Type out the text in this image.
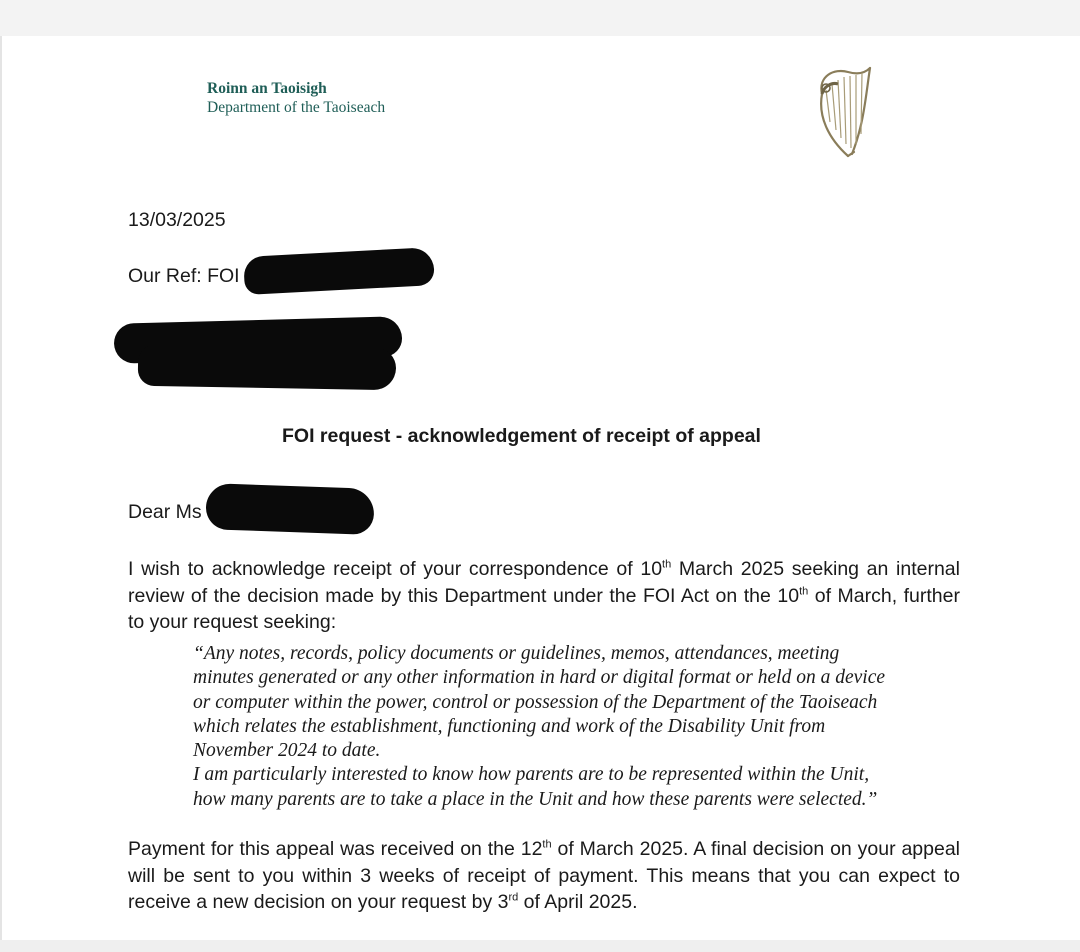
Roinn an Taoisigh
Department of the Taoiseach
13/03/2025
Our Ref: FOI
FOI request - acknowledgement of receipt of appeal
Dear Ms
I wish to acknowledge receipt of your correspondence of 10th March 2025 seeking an internal review of the decision made by this Department under the FOI Act on the 10th of March, further to your request seeking:
“Any notes, records, policy documents or guidelines, memos, attendances, meeting
minutes generated or any other information in hard or digital format or held on a device
or computer within the power, control or possession of the Department of the Taoiseach
which relates the establishment, functioning and work of the Disability Unit from
November 2024 to date.
I am particularly interested to know how parents are to be represented within the Unit,
how many parents are to take a place in the Unit and how these parents were selected.”
Payment for this appeal was received on the 12th of March 2025. A final decision on your appeal will be sent to you within 3 weeks of receipt of payment. This means that you can expect to receive a new decision on your request by 3rd of April 2025.
